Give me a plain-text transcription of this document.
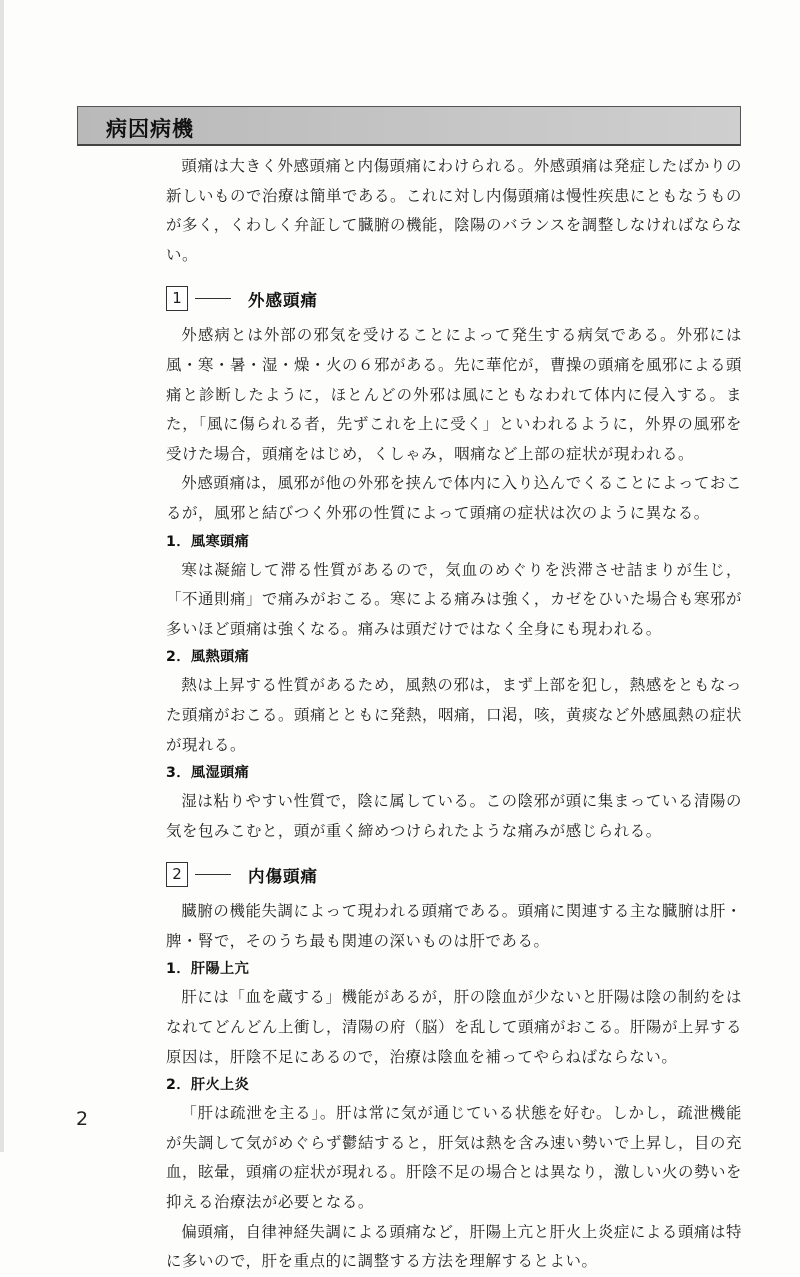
病因病機

頭痛は大きく外感頭痛と内傷頭痛にわけられる。外感頭痛は発症したばかりの新しいもので治療は簡単である。これに対し内傷頭痛は慢性疾患にともなうものが多く，くわしく弁証して臓腑の機能，陰陽のバランスを調整しなければならない。

1	外感頭痛

外感病とは外部の邪気を受けることによって発生する病気である。外邪には風・寒・暑・湿・燥・火の６邪がある。先に華佗が，曹操の頭痛を風邪による頭痛と診断したように，ほとんどの外邪は風にともなわれて体内に侵入する。また，「風に傷られる者，先ずこれを上に受く」といわれるように，外界の風邪を受けた場合，頭痛をはじめ，くしゃみ，咽痛など上部の症状が現われる。

外感頭痛は，風邪が他の外邪を挟んで体内に入り込んでくることによっておこるが，風邪と結びつく外邪の性質によって頭痛の症状は次のように異なる。

1．風寒頭痛

寒は凝縮して滞る性質があるので，気血のめぐりを渋滞させ詰まりが生じ，「不通則痛」で痛みがおこる。寒による痛みは強く，カゼをひいた場合も寒邪が多いほど頭痛は強くなる。痛みは頭だけではなく全身にも現われる。

2．風熱頭痛

熱は上昇する性質があるため，風熱の邪は，まず上部を犯し，熱感をともなった頭痛がおこる。頭痛とともに発熱，咽痛，口渇，咳，黄痰など外感風熱の症状が現れる。

3．風湿頭痛

湿は粘りやすい性質で，陰に属している。この陰邪が頭に集まっている清陽の気を包みこむと，頭が重く締めつけられたような痛みが感じられる。

2	内傷頭痛

臓腑の機能失調によって現われる頭痛である。頭痛に関連する主な臓腑は肝・脾・腎で，そのうち最も関連の深いものは肝である。

1．肝陽上亢

肝には「血を蔵する」機能があるが，肝の陰血が少ないと肝陽は陰の制約をはなれてどんどん上衝し，清陽の府（脳）を乱して頭痛がおこる。肝陽が上昇する原因は，肝陰不足にあるので，治療は陰血を補ってやらねばならない。

2．肝火上炎

「肝は疏泄を主る」。肝は常に気が通じている状態を好む。しかし，疏泄機能が失調して気がめぐらず鬱結すると，肝気は熱を含み速い勢いで上昇し，目の充血，眩暈，頭痛の症状が現れる。肝陰不足の場合とは異なり，激しい火の勢いを抑える治療法が必要となる。

偏頭痛，自律神経失調による頭痛など，肝陽上亢と肝火上炎症による頭痛は特に多いので，肝を重点的に調整する方法を理解するとよい。

2
